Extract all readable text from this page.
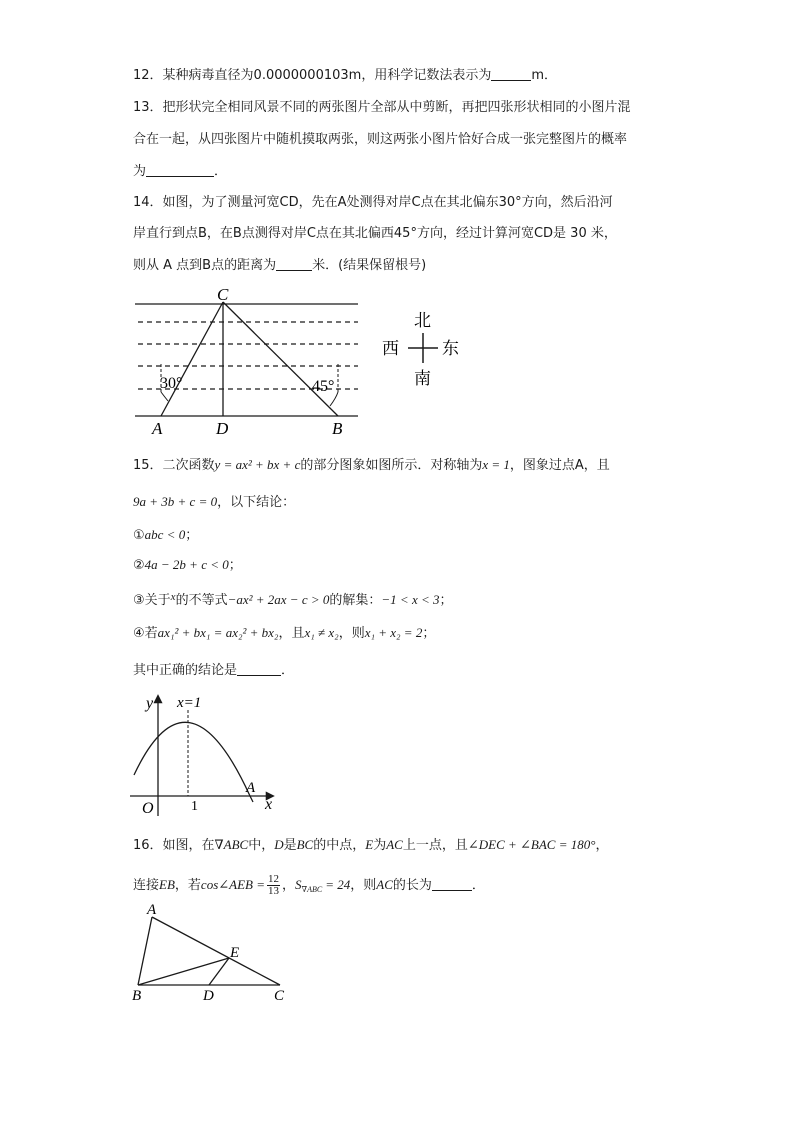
12．某种病毒直径为0.0000000103m，用科学记数法表示为	m．
13．把形状完全相同风景不同的两张图片全部从中剪断，再把四张形状相同的小图片混
合在一起，从四张图片中随机摸取两张，则这两张小图片恰好合成一张完整图片的概率
为	．
14．如图，为了测量河宽CD，先在A处测得对岸C点在其北偏东30°方向，然后沿河
岸直行到点B，在B点测得对岸C点在其北偏西45°方向，经过计算河宽CD是 30 米，
则从 A 点到B点的距离为	米．(结果保留根号)
C
A	D	B
30°	45°
北
南
西	东
15．二次函数y = ax² + bx + c的部分图象如图所示．对称轴为x = 1，图象过点A，且
9a + 3b + c = 0，以下结论：
①abc < 0；
②4a − 2b + c < 0；
③关于$^x$的不等式−ax² + 2ax − c > 0的解集：−1 < x < 3；
④若ax₁² + bx₁ = ax₂² + bx₂，且x₁ ≠ x₂，则x₁ + x₂ = 2；
其中正确的结论是	．
y
x
O	1
x=1
A
16．如图，在∇ABC中，D是BC的中点，E为AC上一点，且∠DEC + ∠BAC = 180°，
连接EB，若cos∠AEB = $\frac{12}{13}$ ，$S_{\nabla ABC} = 24$，则AC的长为	．
A
B	C
D
E
